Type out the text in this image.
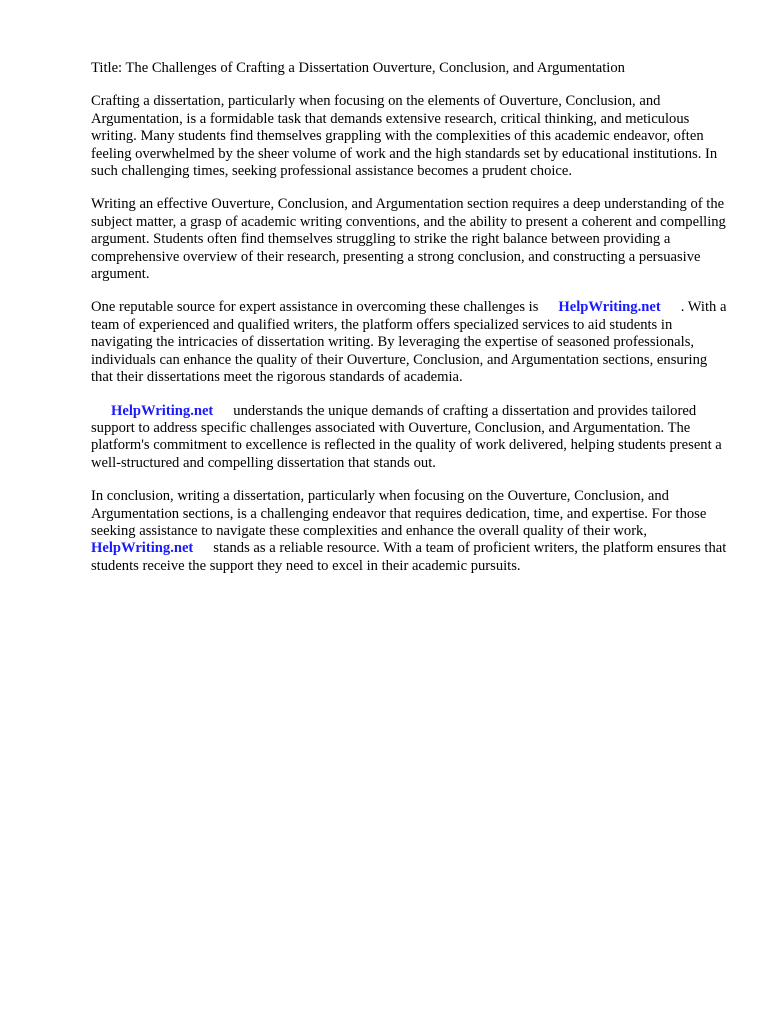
Title: The Challenges of Crafting a Dissertation Ouverture, Conclusion, and Argumentation

Crafting a dissertation, particularly when focusing on the elements of Ouverture, Conclusion, and Argumentation, is a formidable task that demands extensive research, critical thinking, and meticulous writing. Many students find themselves grappling with the complexities of this academic endeavor, often feeling overwhelmed by the sheer volume of work and the high standards set by educational institutions. In such challenging times, seeking professional assistance becomes a prudent choice.

Writing an effective Ouverture, Conclusion, and Argumentation section requires a deep understanding of the subject matter, a grasp of academic writing conventions, and the ability to present a coherent and compelling argument. Students often find themselves struggling to strike the right balance between providing a comprehensive overview of their research, presenting a strong conclusion, and constructing a persuasive argument.

One reputable source for expert assistance in overcoming these challenges is HelpWriting.net . With a team of experienced and qualified writers, the platform offers specialized services to aid students in navigating the intricacies of dissertation writing. By leveraging the expertise of seasoned professionals, individuals can enhance the quality of their Ouverture, Conclusion, and Argumentation sections, ensuring that their dissertations meet the rigorous standards of academia.

HelpWriting.net understands the unique demands of crafting a dissertation and provides tailored support to address specific challenges associated with Ouverture, Conclusion, and Argumentation. The platform's commitment to excellence is reflected in the quality of work delivered, helping students present a well-structured and compelling dissertation that stands out.

In conclusion, writing a dissertation, particularly when focusing on the Ouverture, Conclusion, and Argumentation sections, is a challenging endeavor that requires dedication, time, and expertise. For those seeking assistance to navigate these complexities and enhance the overall quality of their work, HelpWriting.net stands as a reliable resource. With a team of proficient writers, the platform ensures that students receive the support they need to excel in their academic pursuits.
